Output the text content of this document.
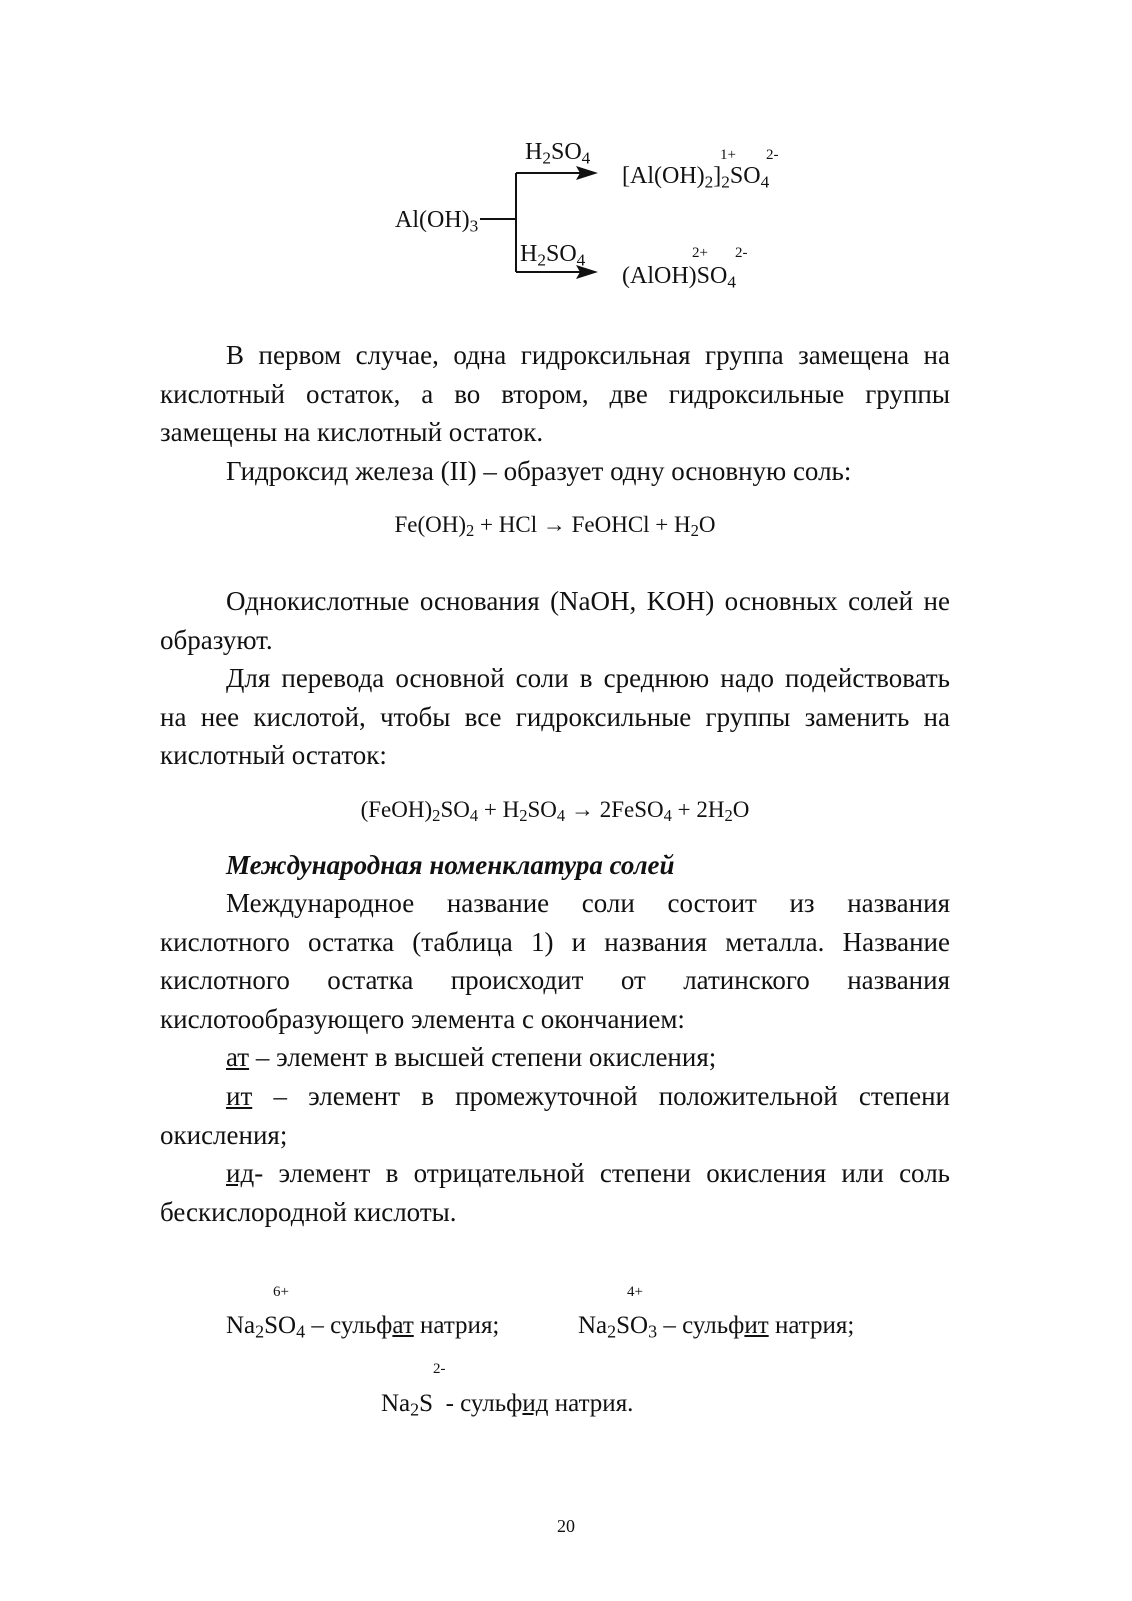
$Al(OH)_3$
$H_2SO_4$
$H_2SO_4$
1+ 2-
$[Al(OH)_2]_2SO_4$
2+ 2-
$(AlOH)SO_4$

В первом случае, одна гидроксильная группа замещена на кислотный остаток, а во втором, две гидроксильные группы замещены на кислотный остаток.

Гидроксид железа (II) – образует одну основную соль:

$Fe(OH)_2$ + HCl → FeOHCl + $H_2O$

Однокислотные основания (NaOH, KOH) основных солей не образуют.

Для перевода основной соли в среднюю надо подействовать на нее кислотой, чтобы все гидроксильные группы заменить на кислотный остаток:

$(FeOH)_2SO_4 + H_2SO_4$ → 2FeSO$_4$ + $2H_2O$
Международная номенклатура солей

Международное название соли состоит из названия кислотного остатка (таблица 1) и названия металла. Название кислотного остатка происходит от латинского названия кислотообразующего элемента с окончанием:

ат – элемент в высшей степени окисления;

ит – элемент в промежуточной положительной степени окисления;

ид- элемент в отрицательной степени окисления или соль бескислородной кислоты.

6+
$Na_2SO_4$ – сульфат натрия;
4+
$Na_2SO_3$ – сульфит натрия;
2-
$Na_2S$  - сульфид натрия.
20
